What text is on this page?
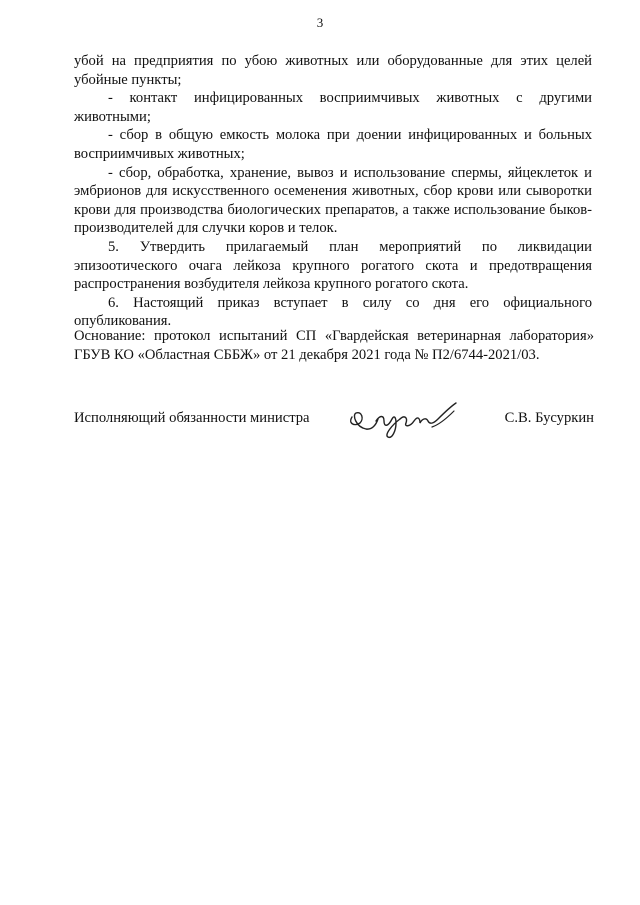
3

убой на предприятия по убою животных или оборудованные для этих целей убойные пункты;

- контакт инфицированных восприимчивых животных с другими животными;

- сбор в общую емкость молока при доении инфицированных и больных восприимчивых животных;

- сбор, обработка, хранение, вывоз и использование спермы, яйцеклеток и эмбрионов для искусственного осеменения животных, сбор крови или сыворотки крови для производства биологических препаратов, а также использование быков-производителей для случки коров и телок.

5. Утвердить прилагаемый план мероприятий по ликвидации эпизоотического очага лейкоза крупного рогатого скота и предотвращения распространения возбудителя лейкоза крупного рогатого скота.

6. Настоящий приказ вступает в силу со дня его официального опубликования.

Основание: протокол испытаний СП «Гвардейская ветеринарная лаборатория» ГБУВ КО «Областная СББЖ» от 21 декабря 2021 года № П2/6744-2021/03.

Исполняющий обязанности министра	С.В. Бусуркин
